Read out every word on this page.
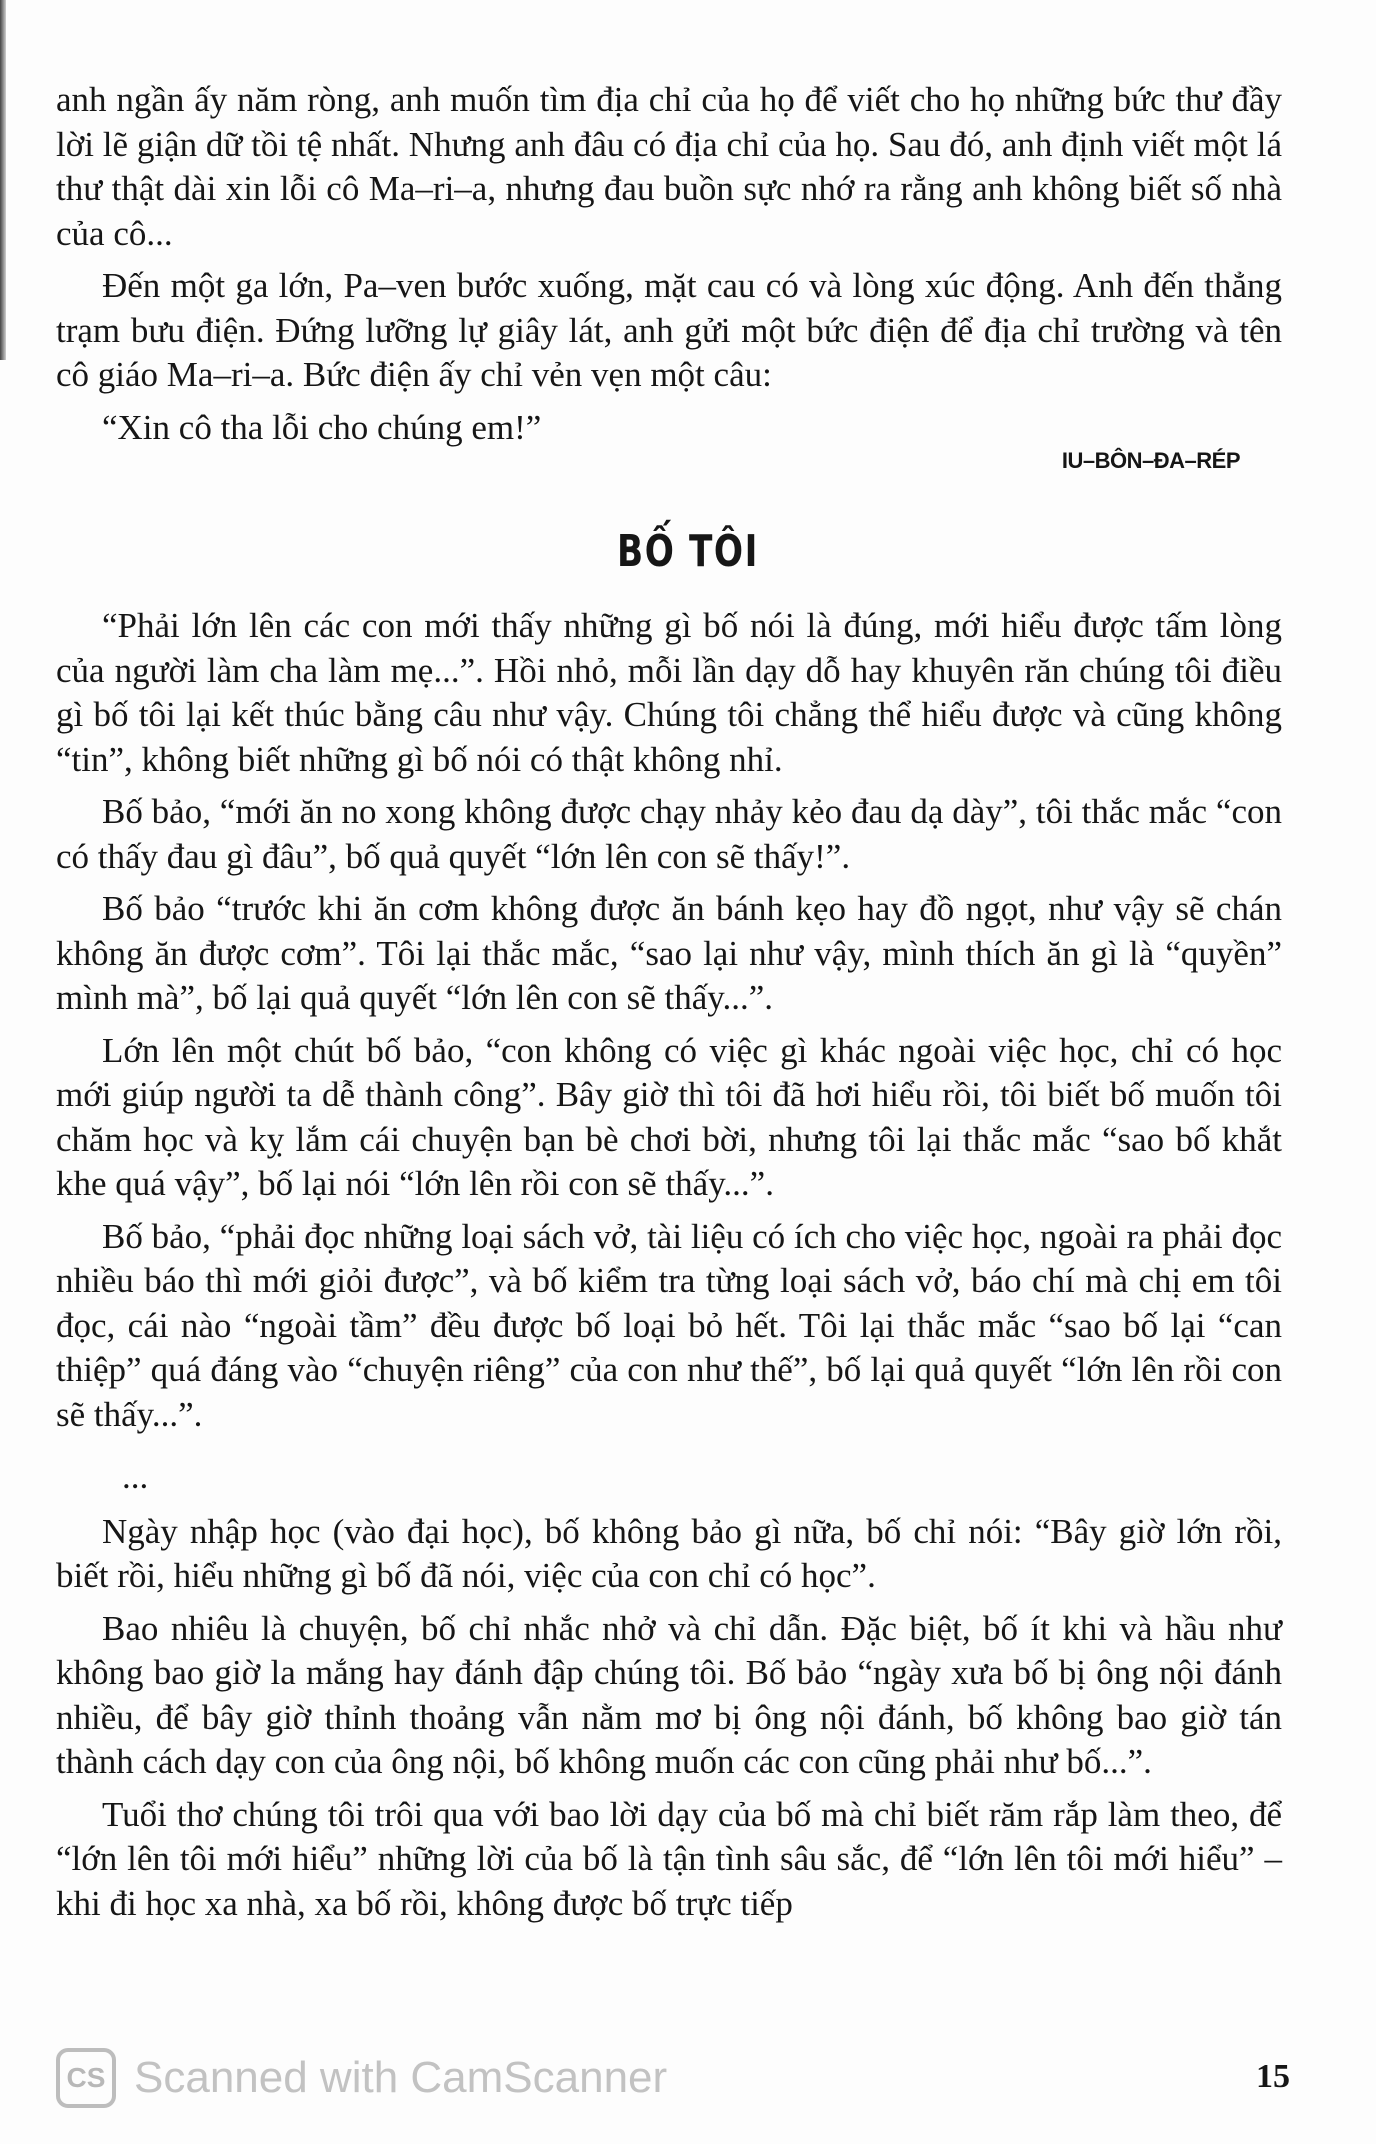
anh ngần ấy năm ròng, anh muốn tìm địa chỉ của họ để viết cho họ những bức thư đầy lời lẽ giận dữ tồi tệ nhất. Nhưng anh đâu có địa chỉ của họ. Sau đó, anh định viết một lá thư thật dài xin lỗi cô Ma–ri–a, nhưng đau buồn sực nhớ ra rằng anh không biết số nhà của cô...

Đến một ga lớn, Pa–ven bước xuống, mặt cau có và lòng xúc động. Anh đến thẳng trạm bưu điện. Đứng lưỡng lự giây lát, anh gửi một bức điện để địa chỉ trường và tên cô giáo Ma–ri–a. Bức điện ấy chỉ vẻn vẹn một câu:

“Xin cô tha lỗi cho chúng em!”

IU–BÔN–ĐA–RÉP
BỐ TÔI

“Phải lớn lên các con mới thấy những gì bố nói là đúng, mới hiểu được tấm lòng của người làm cha làm mẹ...”. Hồi nhỏ, mỗi lần dạy dỗ hay khuyên răn chúng tôi điều gì bố tôi lại kết thúc bằng câu như vậy. Chúng tôi chẳng thể hiểu được và cũng không “tin”, không biết những gì bố nói có thật không nhỉ.

Bố bảo, “mới ăn no xong không được chạy nhảy kẻo đau dạ dày”, tôi thắc mắc “con có thấy đau gì đâu”, bố quả quyết “lớn lên con sẽ thấy!”.

Bố bảo “trước khi ăn cơm không được ăn bánh kẹo hay đồ ngọt, như vậy sẽ chán không ăn được cơm”. Tôi lại thắc mắc, “sao lại như vậy, mình thích ăn gì là “quyền” mình mà”, bố lại quả quyết “lớn lên con sẽ thấy...”.

Lớn lên một chút bố bảo, “con không có việc gì khác ngoài việc học, chỉ có học mới giúp người ta dễ thành công”. Bây giờ thì tôi đã hơi hiểu rồi, tôi biết bố muốn tôi chăm học và kỵ lắm cái chuyện bạn bè chơi bời, nhưng tôi lại thắc mắc “sao bố khắt khe quá vậy”, bố lại nói “lớn lên rồi con sẽ thấy...”.

Bố bảo, “phải đọc những loại sách vở, tài liệu có ích cho việc học, ngoài ra phải đọc nhiều báo thì mới giỏi được”, và bố kiểm tra từng loại sách vở, báo chí mà chị em tôi đọc, cái nào “ngoài tầm” đều được bố loại bỏ hết. Tôi lại thắc mắc “sao bố lại “can thiệp” quá đáng vào “chuyện riêng” của con như thế”, bố lại quả quyết “lớn lên rồi con sẽ thấy...”.

...

Ngày nhập học (vào đại học), bố không bảo gì nữa, bố chỉ nói: “Bây giờ lớn rồi, biết rồi, hiểu những gì bố đã nói, việc của con chỉ có học”.

Bao nhiêu là chuyện, bố chỉ nhắc nhở và chỉ dẫn. Đặc biệt, bố ít khi và hầu như không bao giờ la mắng hay đánh đập chúng tôi. Bố bảo “ngày xưa bố bị ông nội đánh nhiều, để bây giờ thỉnh thoảng vẫn nằm mơ bị ông nội đánh, bố không bao giờ tán thành cách dạy con của ông nội, bố không muốn các con cũng phải như bố...”.

Tuổi thơ chúng tôi trôi qua với bao lời dạy của bố mà chỉ biết răm rắp làm theo, để “lớn lên tôi mới hiểu” những lời của bố là tận tình sâu sắc, để “lớn lên tôi mới hiểu” – khi đi học xa nhà, xa bố rồi, không được bố trực tiếp

CS Scanned with CamScanner	15
